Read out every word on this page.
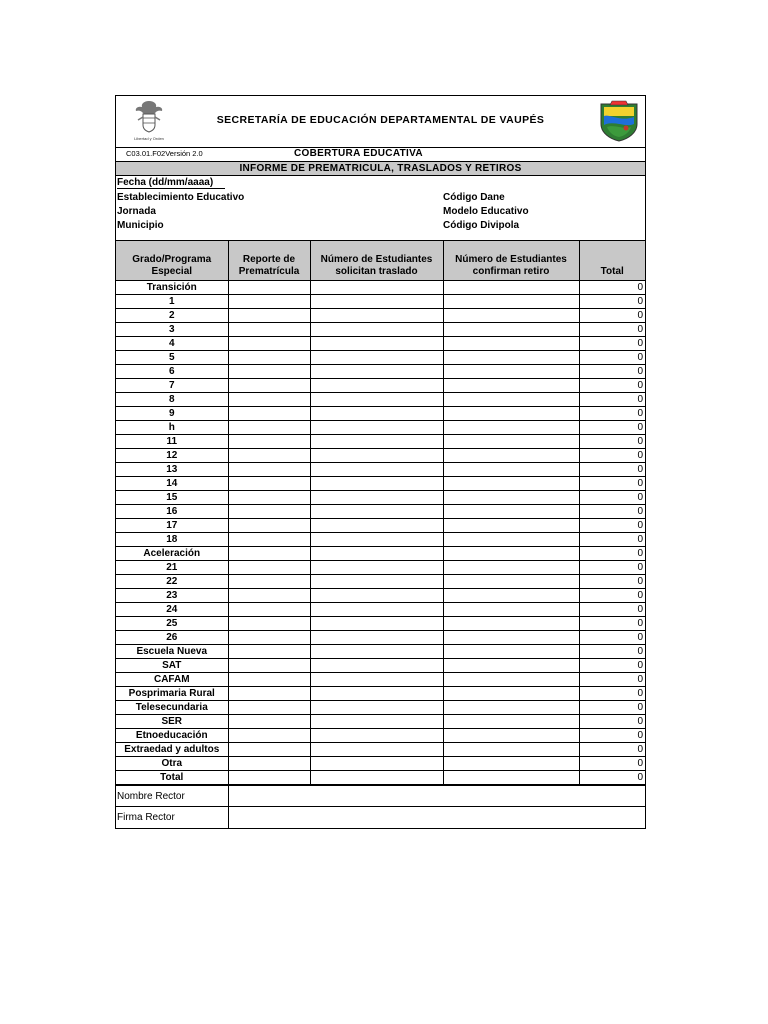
Libertad y Orden
SECRETARÍA DE EDUCACIÓN DEPARTAMENTAL DE VAUPÉS
C03.01.F02Versión 2.0	COBERTURA EDUCATIVA
INFORME DE PREMATRICULA, TRASLADOS Y RETIROS
Fecha (dd/mm/aaaa)
Establecimiento Educativo
Jornada
Municipio
Código Dane
Modelo Educativo
Código Divipola
Grado/Programa Especial	Reporte de Prematrícula	Número de Estudiantes solicitan traslado	Número de Estudiantes confirman retiro	Total
Transición				0
1				0
2				0
3				0
4				0
5				0
6				0
7				0
8				0
9				0
h				0
11				0
12				0
13				0
14				0
15				0
16				0
17				0
18				0
Aceleración				0
21				0
22				0
23				0
24				0
25				0
26				0
Escuela Nueva				0
SAT				0
CAFAM				0
Posprimaria Rural				0
Telesecundaria				0
SER				0
Etnoeducación				0
Extraedad y adultos				0
Otra				0
Total				0
Nombre Rector	
Firma Rector	
